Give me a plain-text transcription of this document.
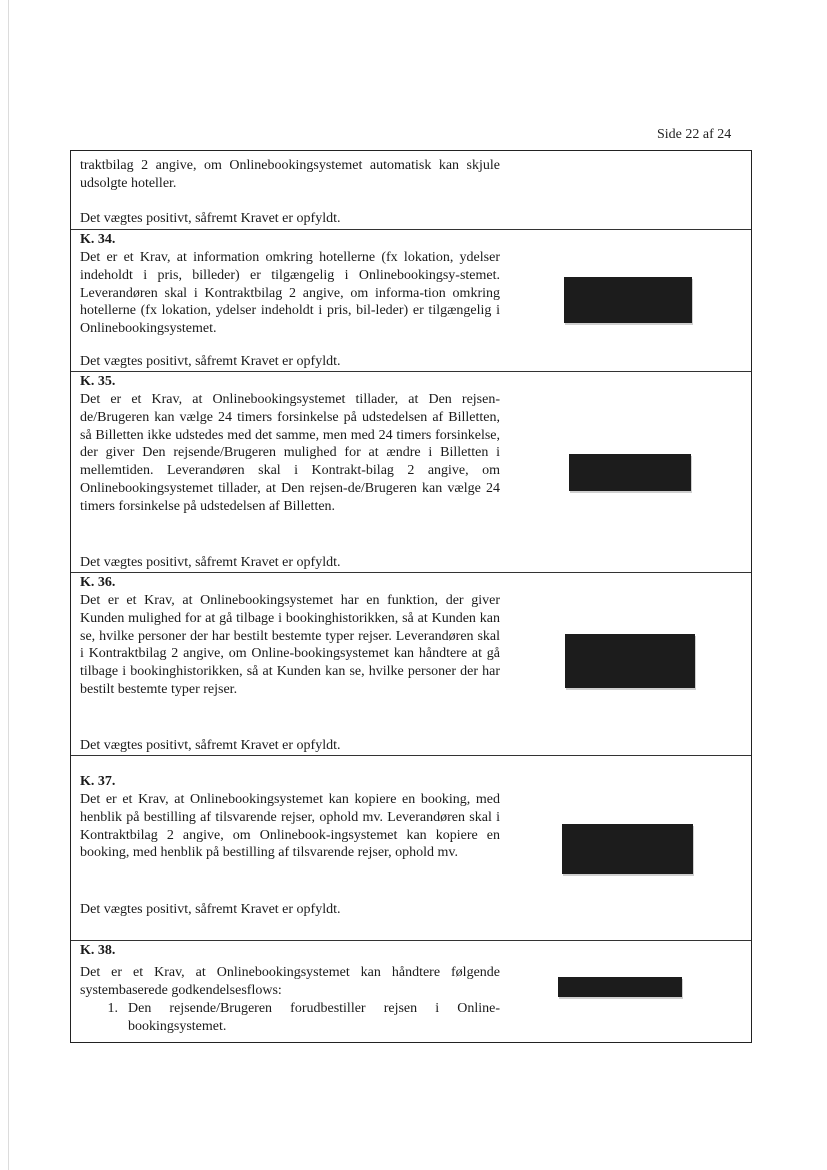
Side 22 af 24
traktbilag 2 angive, om Onlinebookingsystemet automatisk kan skjule udsolgte hoteller.
Det vægtes positivt, såfremt Kravet er opfyldt.
K. 34.
Det er et Krav, at information omkring hotellerne (fx lokation, ydelser indeholdt i pris, billeder) er tilgængelig i Onlinebookingsy-stemet. Leverandøren skal i Kontraktbilag 2 angive, om informa-tion omkring hotellerne (fx lokation, ydelser indeholdt i pris, bil-leder) er tilgængelig i Onlinebookingsystemet.
Det vægtes positivt, såfremt Kravet er opfyldt.
K. 35.
Det er et Krav, at Onlinebookingsystemet tillader, at Den rejsen-de/Brugeren kan vælge 24 timers forsinkelse på udstedelsen af Billetten, så Billetten ikke udstedes med det samme, men med 24 timers forsinkelse, der giver Den rejsende/Brugeren mulighed for at ændre i Billetten i mellemtiden. Leverandøren skal i Kontrakt-bilag 2 angive, om Onlinebookingsystemet tillader, at Den rejsen-de/Brugeren kan vælge 24 timers forsinkelse på udstedelsen af Billetten.
Det vægtes positivt, såfremt Kravet er opfyldt.
K. 36.
Det er et Krav, at Onlinebookingsystemet har en funktion, der giver Kunden mulighed for at gå tilbage i bookinghistorikken, så at Kunden kan se, hvilke personer der har bestilt bestemte typer rejser. Leverandøren skal i Kontraktbilag 2 angive, om Online-bookingsystemet kan håndtere at gå tilbage i bookinghistorikken, så at Kunden kan se, hvilke personer der har bestilt bestemte typer rejser.
Det vægtes positivt, såfremt Kravet er opfyldt.
K. 37.
Det er et Krav, at Onlinebookingsystemet kan kopiere en booking, med henblik på bestilling af tilsvarende rejser, ophold mv. Leverandøren skal i Kontraktbilag 2 angive, om Onlinebook-ingsystemet kan kopiere en booking, med henblik på bestilling af tilsvarende rejser, ophold mv.
Det vægtes positivt, såfremt Kravet er opfyldt.
K. 38.
Det er et Krav, at Onlinebookingsystemet kan håndtere følgende systembaserede godkendelsesflows:
1. Den rejsende/Brugeren forudbestiller rejsen i Online-bookingsystemet.
